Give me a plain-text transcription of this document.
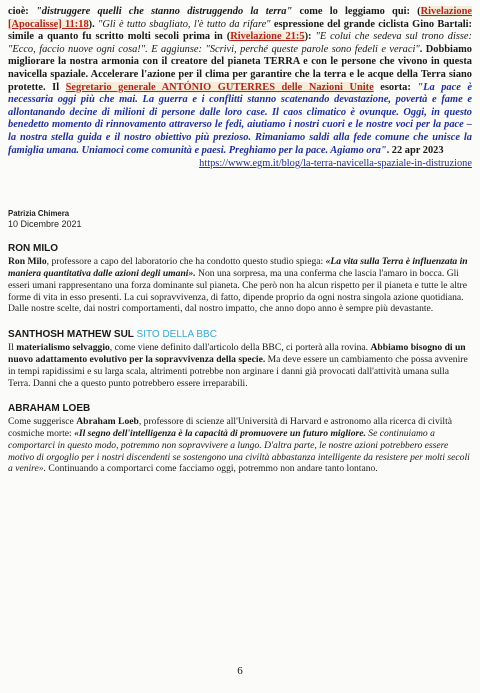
cioè: "distruggere quelli che stanno distruggendo la terra" come lo leggiamo qui: (Rivelazione [Apocalisse] 11:18). "Gli è tutto sbagliato, l'è tutto da rifare" espressione del grande ciclista Gino Bartali: simile a quanto fu scritto molti secoli prima in (Rivelazione 21:5): "E colui che sedeva sul trono disse: "Ecco, faccio nuove ogni cosa!". E aggiunse: "Scrivi, perché queste parole sono fedeli e veraci". Dobbiamo migliorare la nostra armonia con il creatore del pianeta TERRA e con le persone che vivono in questa navicella spaziale. Accelerare l'azione per il clima per garantire che la terra e le acque della Terra siano protette. Il Segretario generale ANTÓNIO GUTERRES delle Nazioni Unite esorta: "La pace è necessaria oggi più che mai. La guerra e i conflitti stanno scatenando devastazione, povertà e fame e allontanando decine di milioni di persone dalle loro case. Il caos climatico è ovunque. Oggi, in questo benedetto momento di rinnovamento attraverso le fedi, aiutiamo i nostri cuori e le nostre voci per la pace – la nostra stella guida e il nostro obiettivo più prezioso. Rimaniamo saldi alla fede comune che unisce la famiglia umana. Uniamoci come comunità e paesi. Preghiamo per la pace. Agiamo ora". 22 apr 2023

https://www.egm.it/blog/la-terra-navicella-spaziale-in-distruzione
Patrizia Chimera
10 Dicembre 2021
RON MILO

Ron Milo, professore a capo del laboratorio che ha condotto questo studio spiega: «La vita sulla Terra è influenzata in maniera quantitativa dalle azioni degli umani». Non una sorpresa, ma una conferma che lascia l'amaro in bocca. Gli esseri umani rappresentano una forza dominante sul pianeta. Che però non ha alcun rispetto per il pianeta e tutte le altre forme di vita in esso presenti. La cui sopravvivenza, di fatto, dipende proprio da ogni nostra singola azione quotidiana. Dalle nostre scelte, dai nostri comportamenti, dal nostro impatto, che anno dopo anno è sempre più devastante.

SANTHOSH MATHEW SUL SITO DELLA BBC

Il materialismo selvaggio, come viene definito dall'articolo della BBC, ci porterà alla rovina. Abbiamo bisogno di un nuovo adattamento evolutivo per la sopravvivenza della specie. Ma deve essere un cambiamento che possa avvenire in tempi rapidissimi e su larga scala, altrimenti potrebbe non arginare i danni già provocati dall'attività umana sulla Terra. Danni che a questo punto potrebbero essere irreparabili.

ABRAHAM LOEB

Come suggerisce Abraham Loeb, professore di scienze all'Università di Harvard e astronomo alla ricerca di civiltà cosmiche morte: «Il segno dell'intelligenza è la capacità di promuovere un futuro migliore. Se continuiamo a comportarci in questo modo, potremmo non sopravvivere a lungo. D'altra parte, le nostre azioni potrebbero essere motivo di orgoglio per i nostri discendenti se sostengono una civiltà abbastanza intelligente da resistere per molti secoli a venire». Continuando a comportarci come facciamo oggi, potremmo non andare tanto lontano.

6
